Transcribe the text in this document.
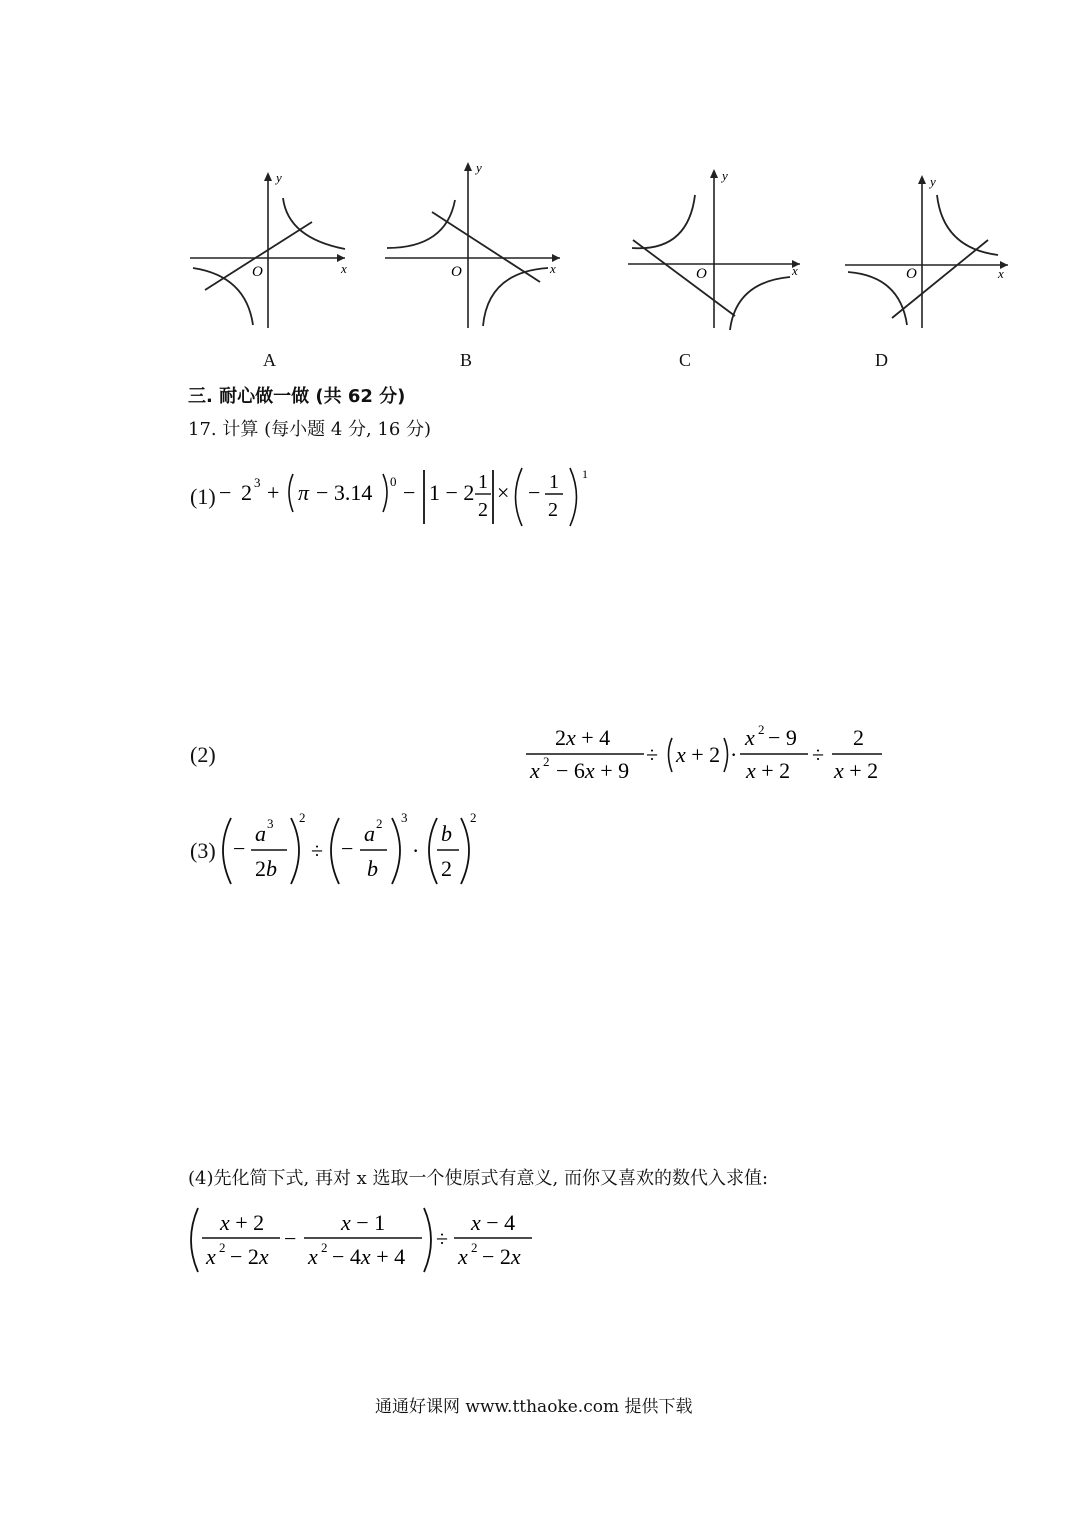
y
x
O
y
x
O
y
x
O
y
x
O
A	B	C	D
三. 耐心做一做 (共 62 分)
17. 计算 (每小题 4 分, 16 分)
(1) − 2 3 + π − 3.14 0 − 1 − 2 1
2
× − 1
2
1
(2)
2x + 4
x 2 − 6x + 9
÷ x + 2 ·
x 2 − 9
x + 2
÷
2
x + 2
(3) −
a 3
2b
2
÷ −
a 2
b
3
·
b
2
2
(4)先化简下式, 再对 x 选取一个使原式有意义, 而你又喜欢的数代入求值:
x + 2
x 2 − 2x
−
x − 1
x 2 − 4x + 4
÷
x − 4
x 2 − 2x
通通好课网 www.tthaoke.com 提供下载
